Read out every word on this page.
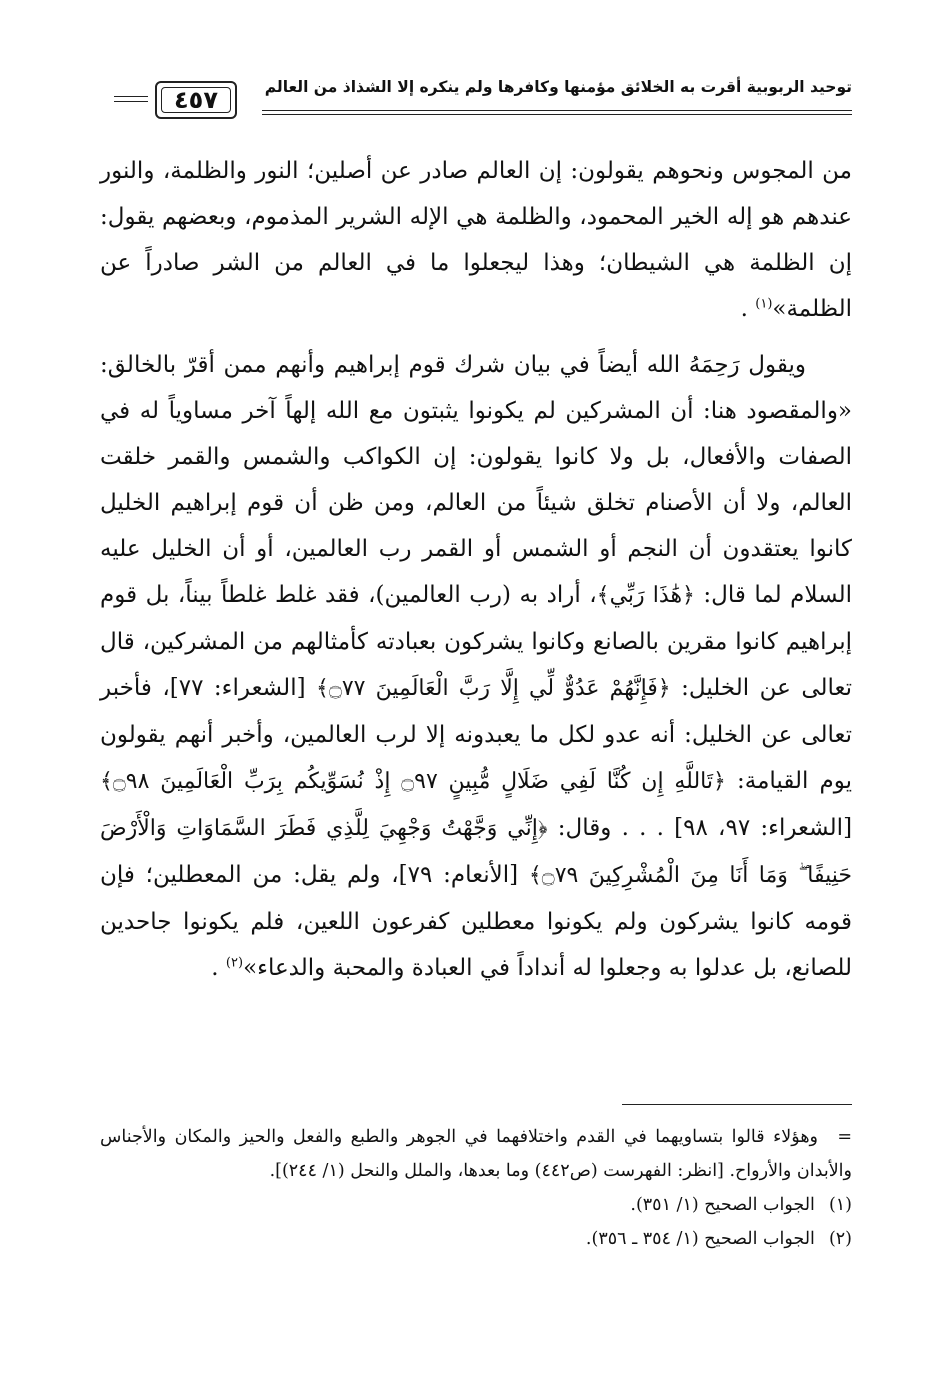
توحيد الربوبية أقرت به الخلائق مؤمنها وكافرها ولم ينكره إلا الشذاذ من العالم
٤٥٧

من المجوس ونحوهم يقولون: إن العالم صادر عن أصلين؛ النور والظلمة، والنور عندهم هو إله الخير المحمود، والظلمة هي الإله الشرير المذموم، وبعضهم يقول: إن الظلمة هي الشيطان؛ وهذا ليجعلوا ما في العالم من الشر صادراً عن الظلمة»$^{(١)}$ .

ويقول رَحِمَهُ الله أيضاً في بيان شرك قوم إبراهيم وأنهم ممن أقرّ بالخالق: «والمقصود هنا: أن المشركين لم يكونوا يثبتون مع الله إلهاً آخر مساوياً له في الصفات والأفعال، بل ولا كانوا يقولون: إن الكواكب والشمس والقمر خلقت العالم، ولا أن الأصنام تخلق شيئاً من العالم، ومن ظن أن قوم إبراهيم الخليل كانوا يعتقدون أن النجم أو الشمس أو القمر رب العالمين، أو أن الخليل عليه السلام لما قال: ﴿هَٰذَا رَبِّي﴾، أراد به (رب العالمين)، فقد غلط غلطاً بيناً، بل قوم إبراهيم كانوا مقرين بالصانع وكانوا يشركون بعبادته كأمثالهم من المشركين، قال تعالى عن الخليل: ﴿فَإِنَّهُمْ عَدُوٌّ لِّي إِلَّا رَبَّ الْعَالَمِينَ ۝٧٧﴾ [الشعراء: ٧٧]، فأخبر تعالى عن الخليل: أنه عدو لكل ما يعبدونه إلا لرب العالمين، وأخبر أنهم يقولون يوم القيامة: ﴿تَاللَّهِ إِن كُنَّا لَفِي ضَلَالٍ مُّبِينٍ ۝٩٧ إِذْ نُسَوِّيكُم بِرَبِّ الْعَالَمِينَ ۝٩٨﴾ [الشعراء: ٩٧، ٩٨] . . . وقال: ﴿إِنِّي وَجَّهْتُ وَجْهِيَ لِلَّذِي فَطَرَ السَّمَاوَاتِ وَالْأَرْضَ حَنِيفًا ۖ وَمَا أَنَا مِنَ الْمُشْرِكِينَ ۝٧٩﴾ [الأنعام: ٧٩]، ولم يقل: من المعطلين؛ فإن قومه كانوا يشركون ولم يكونوا معطلين كفرعون اللعين، فلم يكونوا جاحدين للصانع، بل عدلوا به وجعلوا له أنداداً في العبادة والمحبة والدعاء»$^{(٢)}$ .

=وهؤلاء قالوا بتساويهما في القدم واختلافهما في الجوهر والطبع والفعل والحيز والمكان والأجناس والأبدان والأرواح. [انظر: الفهرست (ص٤٤٢) وما بعدها، والملل والنحل (١/ ٢٤٤)].

(١)
الجواب الصحيح (١/ ٣٥١).
(٢)
الجواب الصحيح (١/ ٣٥٤ ـ ٣٥٦).
